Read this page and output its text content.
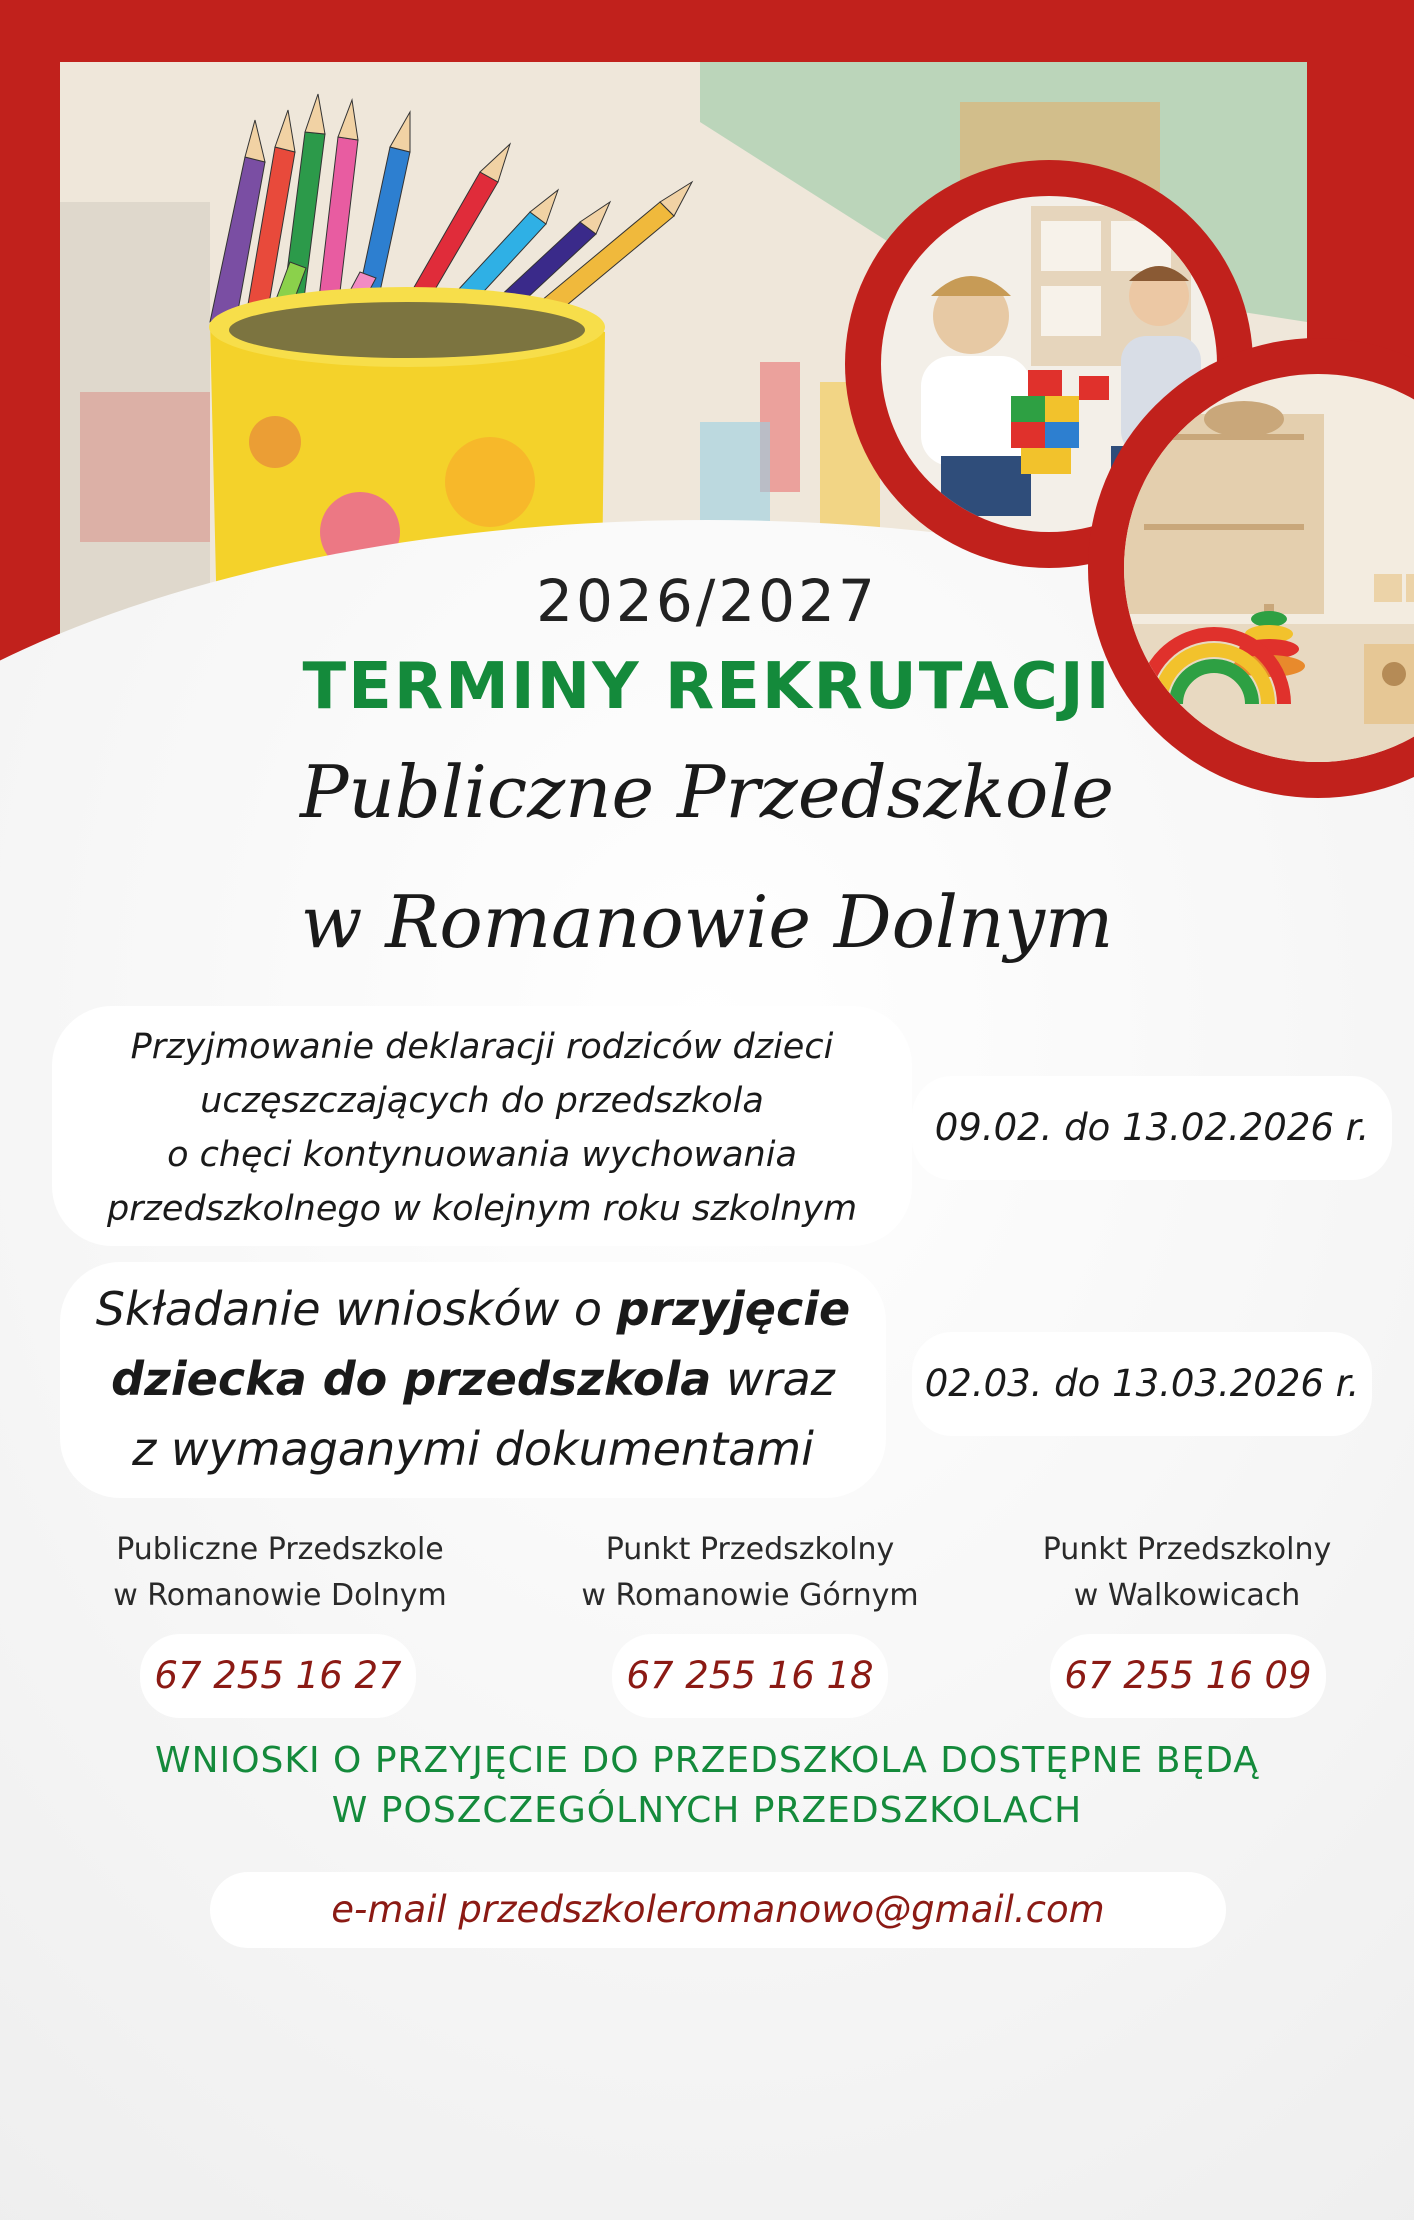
2026/2027
TERMINY REKRUTACJI
Publiczne Przedszkole
w Romanowie Dolnym
Przyjmowanie deklaracji rodziców dzieci
uczęszczających do przedszkola
o chęci kontynuowania wychowania
przedszkolnego w kolejnym roku szkolnym
09.02. do 13.02.2026 r.
Składanie wniosków o przyjęcie
dziecka do przedszkola wraz
z wymaganymi dokumentami
02.03. do 13.03.2026 r.
Publiczne Przedszkole
w Romanowie Dolnym
Punkt Przedszkolny
w Romanowie Górnym
Punkt Przedszkolny
w Walkowicach
67 255 16 27	67 255 16 18	67 255 16 09
WNIOSKI O PRZYJĘCIE DO PRZEDSZKOLA DOSTĘPNE BĘDĄ
W POSZCZEGÓLNYCH PRZEDSZKOLACH
e-mail przedszkoleromanowo@gmail.com
